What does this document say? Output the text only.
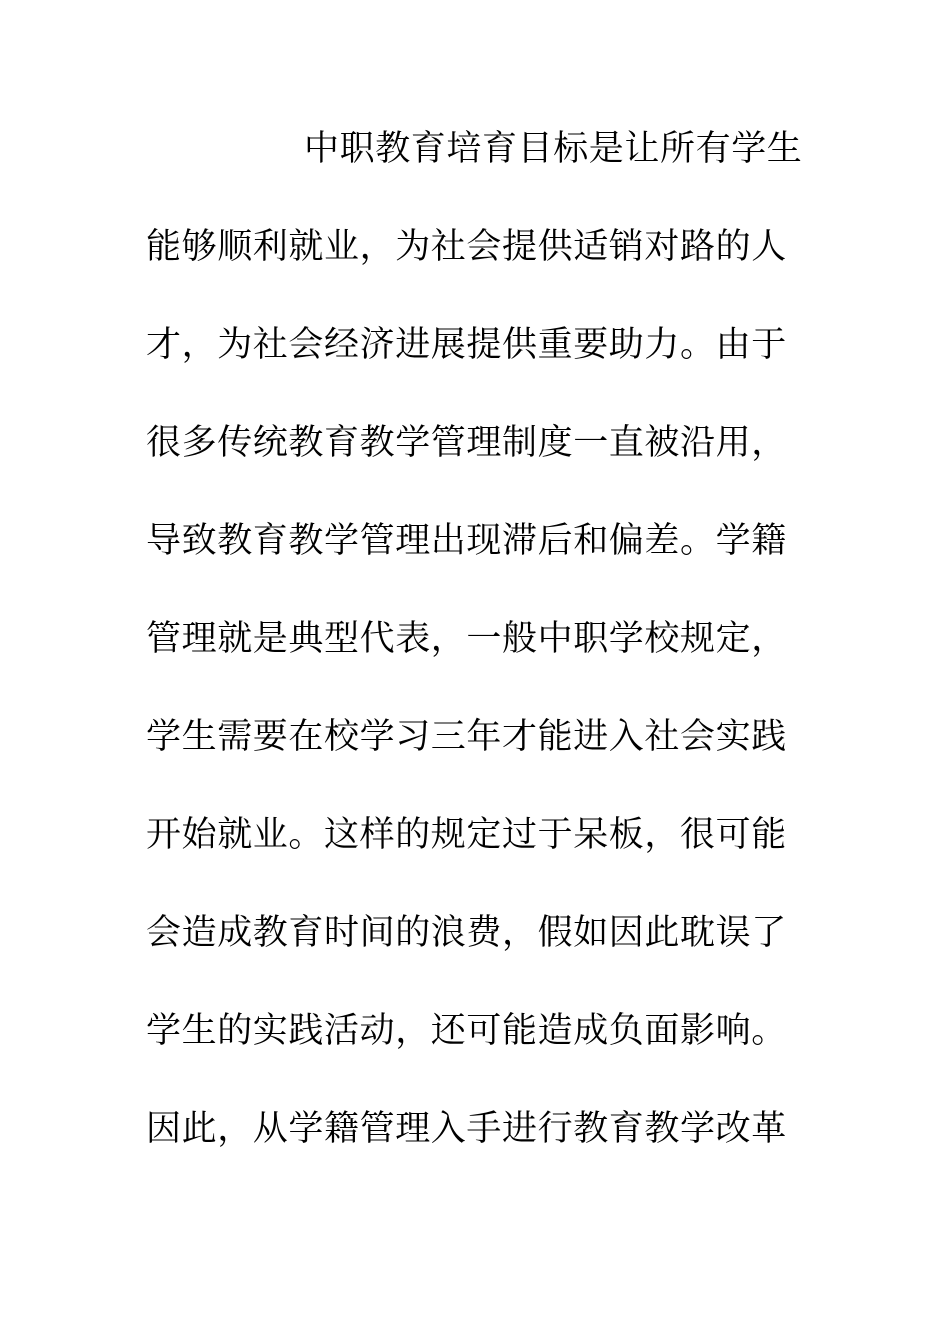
中职教育培育目标是让所有学生
能够顺利就业，为社会提供适销对路的人
才，为社会经济进展提供重要助力。由于
很多传统教育教学管理制度一直被沿用，
导致教育教学管理出现滞后和偏差。学籍
管理就是典型代表，一般中职学校规定，
学生需要在校学习三年才能进入社会实践
开始就业。这样的规定过于呆板，很可能
会造成教育时间的浪费，假如因此耽误了
学生的实践活动，还可能造成负面影响。
因此，从学籍管理入手进行教育教学改革
